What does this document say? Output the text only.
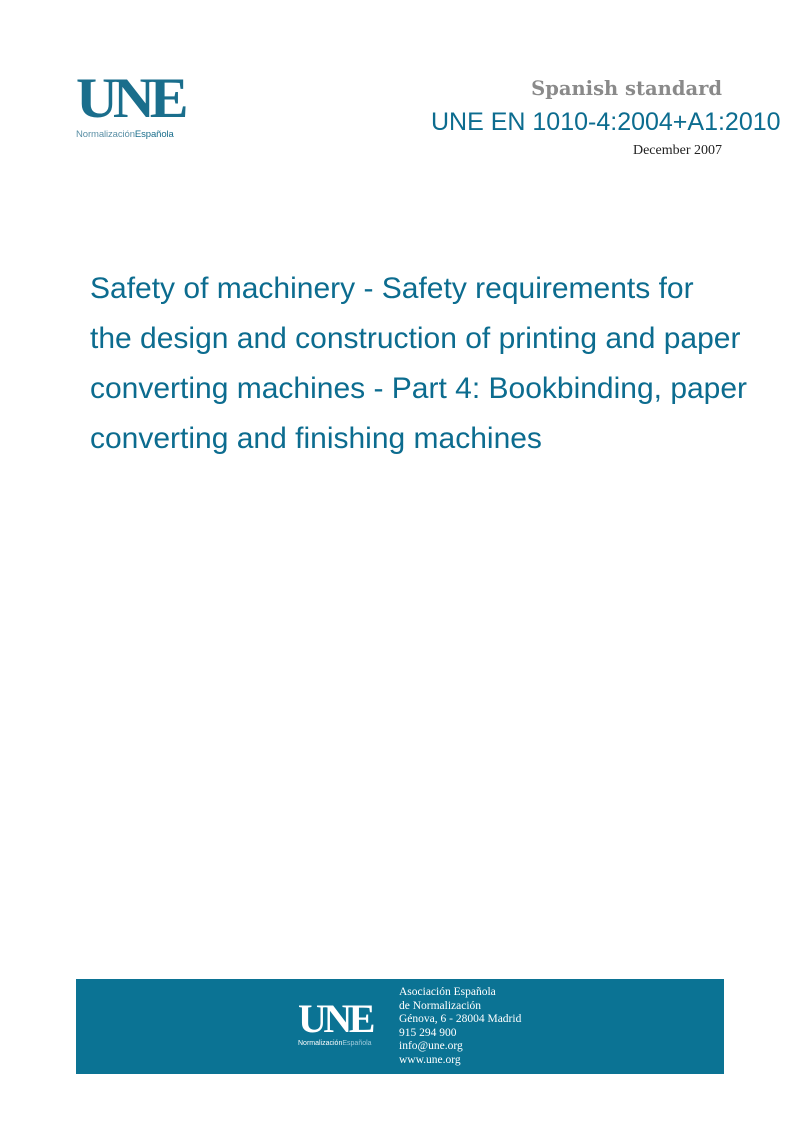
UNE
NormalizaciónEspañola
Spanish standard
UNE EN 1010-4:2004+A1:2010
December 2007
Safety of machinery - Safety requirements for
the design and construction of printing and paper
converting machines - Part 4: Bookbinding, paper
converting and finishing machines
UNE
NormalizaciónEspañola
Asociación Española
de Normalización
Génova, 6 - 28004 Madrid
915 294 900
info@une.org
www.une.org
